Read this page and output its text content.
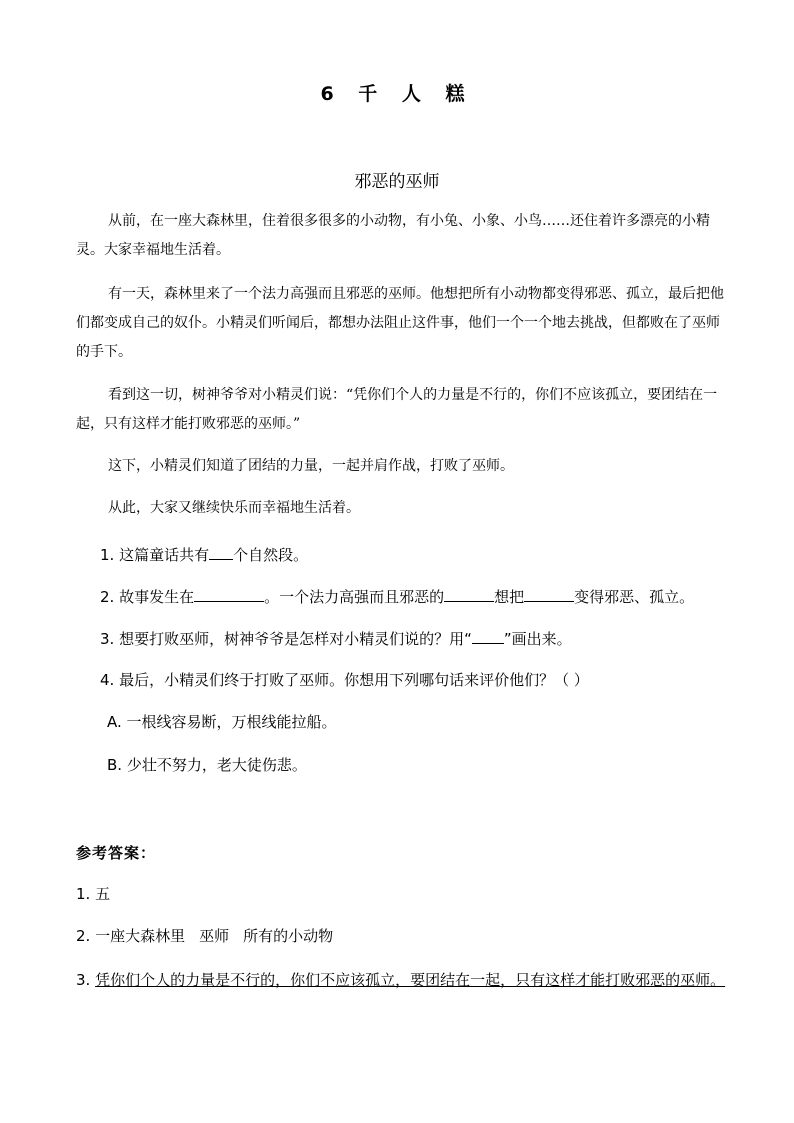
6 千 人 糕
邪恶的巫师

从前，在一座大森林里，住着很多很多的小动物，有小兔、小象、小鸟……还住着许多漂亮的小精灵。大家幸福地生活着。

有一天，森林里来了一个法力高强而且邪恶的巫师。他想把所有小动物都变得邪恶、孤立，最后把他们都变成自己的奴仆。小精灵们听闻后，都想办法阻止这件事，他们一个一个地去挑战，但都败在了巫师的手下。

看到这一切，树神爷爷对小精灵们说：“凭你们个人的力量是不行的，你们不应该孤立，要团结在一起，只有这样才能打败邪恶的巫师。”

这下，小精灵们知道了团结的力量，一起并肩作战，打败了巫师。

从此，大家又继续快乐而幸福地生活着。

1. 这篇童话共有 个自然段。
2. 故事发生在	。一个法力高强而且邪恶的	想把	变得邪恶、孤立。
3. 想要打败巫师，树神爷爷是怎样对小精灵们说的？用“ ”画出来。
4. 最后，小精灵们终于打败了巫师。你想用下列哪句话来评价他们？（ ）
A. 一根线容易断，万根线能拉船。
B. 少壮不努力，老大徒伤悲。
参考答案：
1. 五
2. 一座大森林里 巫师 所有的小动物
3. 凭你们个人的力量是不行的，你们不应该孤立，要团结在一起，只有这样才能打败邪恶的巫师。
